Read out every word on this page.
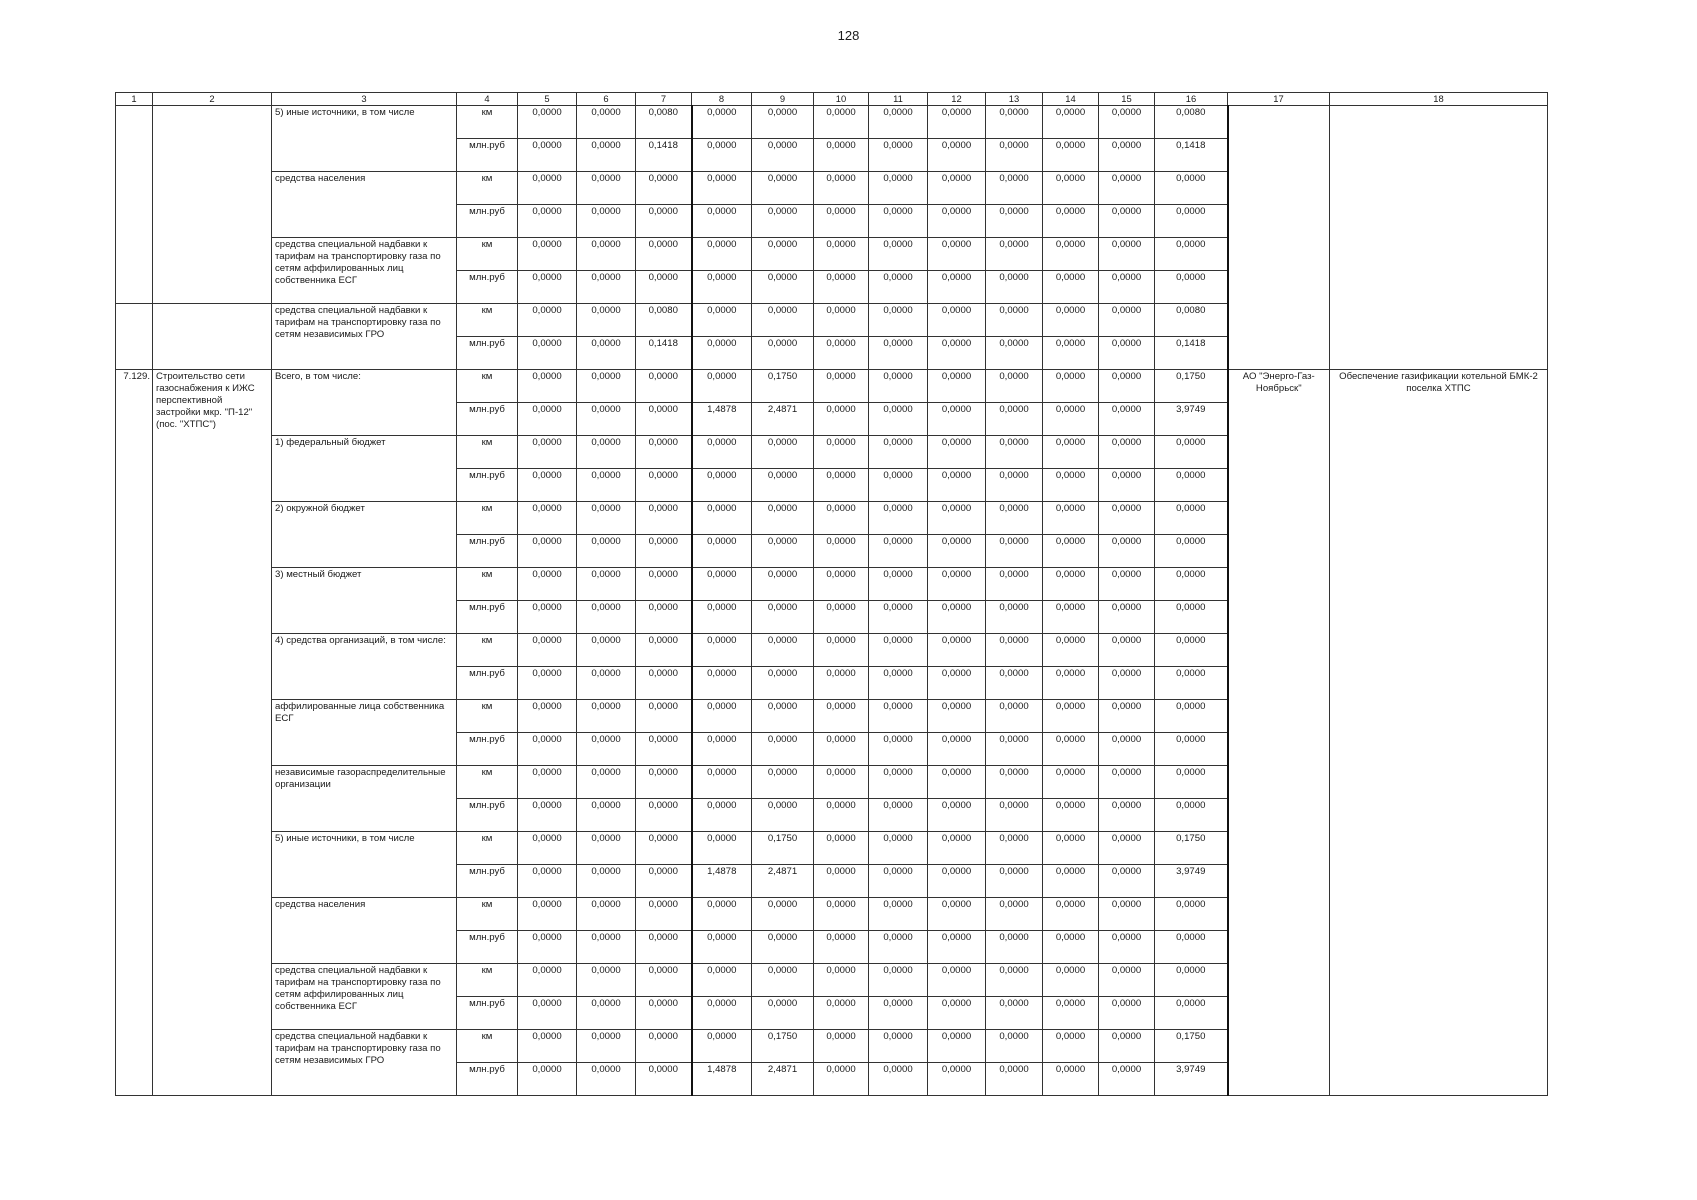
128
1	2	3	4	5	6	7	8	9	10	11	12	13	14	15	16	17	18
		5) иные источники, в том числе	км	0,0000	0,0000	0,0080	0,0000	0,0000	0,0000	0,0000	0,0000	0,0000	0,0000	0,0000	0,0080		
			млн.руб	0,0000	0,0000	0,1418	0,0000	0,0000	0,0000	0,0000	0,0000	0,0000	0,0000	0,0000	0,1418		
		средства населения	км	0,0000	0,0000	0,0000	0,0000	0,0000	0,0000	0,0000	0,0000	0,0000	0,0000	0,0000	0,0000		
			млн.руб	0,0000	0,0000	0,0000	0,0000	0,0000	0,0000	0,0000	0,0000	0,0000	0,0000	0,0000	0,0000		
		средства специальной надбавки к тарифам на транспортировку газа по сетям аффилированных лиц собственника ЕСГ	км	0,0000	0,0000	0,0000	0,0000	0,0000	0,0000	0,0000	0,0000	0,0000	0,0000	0,0000	0,0000		
			млн.руб	0,0000	0,0000	0,0000	0,0000	0,0000	0,0000	0,0000	0,0000	0,0000	0,0000	0,0000	0,0000		
		средства специальной надбавки к тарифам на транспортировку газа по сетям независимых ГРО	км	0,0000	0,0000	0,0080	0,0000	0,0000	0,0000	0,0000	0,0000	0,0000	0,0000	0,0000	0,0080		
			млн.руб	0,0000	0,0000	0,1418	0,0000	0,0000	0,0000	0,0000	0,0000	0,0000	0,0000	0,0000	0,1418		
7.129.	Строительство сети газоснабжения к ИЖС перспективной застройки мкр. "П-12" (пос. "ХТПС")	Всего, в том числе:	км	0,0000	0,0000	0,0000	0,0000	0,1750	0,0000	0,0000	0,0000	0,0000	0,0000	0,0000	0,1750	АО "Энерго-Газ-Ноябрьск"	Обеспечение газификации котельной БМК-2 поселка ХТПС
			млн.руб	0,0000	0,0000	0,0000	1,4878	2,4871	0,0000	0,0000	0,0000	0,0000	0,0000	0,0000	3,9749		
		1) федеральный бюджет	км	0,0000	0,0000	0,0000	0,0000	0,0000	0,0000	0,0000	0,0000	0,0000	0,0000	0,0000	0,0000		
			млн.руб	0,0000	0,0000	0,0000	0,0000	0,0000	0,0000	0,0000	0,0000	0,0000	0,0000	0,0000	0,0000		
		2) окружной бюджет	км	0,0000	0,0000	0,0000	0,0000	0,0000	0,0000	0,0000	0,0000	0,0000	0,0000	0,0000	0,0000		
			млн.руб	0,0000	0,0000	0,0000	0,0000	0,0000	0,0000	0,0000	0,0000	0,0000	0,0000	0,0000	0,0000		
		3) местный бюджет	км	0,0000	0,0000	0,0000	0,0000	0,0000	0,0000	0,0000	0,0000	0,0000	0,0000	0,0000	0,0000		
			млн.руб	0,0000	0,0000	0,0000	0,0000	0,0000	0,0000	0,0000	0,0000	0,0000	0,0000	0,0000	0,0000		
		4) средства организаций, в том числе:	км	0,0000	0,0000	0,0000	0,0000	0,0000	0,0000	0,0000	0,0000	0,0000	0,0000	0,0000	0,0000		
			млн.руб	0,0000	0,0000	0,0000	0,0000	0,0000	0,0000	0,0000	0,0000	0,0000	0,0000	0,0000	0,0000		
		аффилированные лица собственника ЕСГ	км	0,0000	0,0000	0,0000	0,0000	0,0000	0,0000	0,0000	0,0000	0,0000	0,0000	0,0000	0,0000		
			млн.руб	0,0000	0,0000	0,0000	0,0000	0,0000	0,0000	0,0000	0,0000	0,0000	0,0000	0,0000	0,0000		
		независимые газораспределительные организации	км	0,0000	0,0000	0,0000	0,0000	0,0000	0,0000	0,0000	0,0000	0,0000	0,0000	0,0000	0,0000		
			млн.руб	0,0000	0,0000	0,0000	0,0000	0,0000	0,0000	0,0000	0,0000	0,0000	0,0000	0,0000	0,0000		
		5) иные источники, в том числе	км	0,0000	0,0000	0,0000	0,0000	0,1750	0,0000	0,0000	0,0000	0,0000	0,0000	0,0000	0,1750		
			млн.руб	0,0000	0,0000	0,0000	1,4878	2,4871	0,0000	0,0000	0,0000	0,0000	0,0000	0,0000	3,9749		
		средства населения	км	0,0000	0,0000	0,0000	0,0000	0,0000	0,0000	0,0000	0,0000	0,0000	0,0000	0,0000	0,0000		
			млн.руб	0,0000	0,0000	0,0000	0,0000	0,0000	0,0000	0,0000	0,0000	0,0000	0,0000	0,0000	0,0000		
		средства специальной надбавки к тарифам на транспортировку газа по сетям аффилированных лиц собственника ЕСГ	км	0,0000	0,0000	0,0000	0,0000	0,0000	0,0000	0,0000	0,0000	0,0000	0,0000	0,0000	0,0000		
			млн.руб	0,0000	0,0000	0,0000	0,0000	0,0000	0,0000	0,0000	0,0000	0,0000	0,0000	0,0000	0,0000		
		средства специальной надбавки к тарифам на транспортировку газа по сетям независимых ГРО	км	0,0000	0,0000	0,0000	0,0000	0,1750	0,0000	0,0000	0,0000	0,0000	0,0000	0,0000	0,1750		
			млн.руб	0,0000	0,0000	0,0000	1,4878	2,4871	0,0000	0,0000	0,0000	0,0000	0,0000	0,0000	3,9749		
